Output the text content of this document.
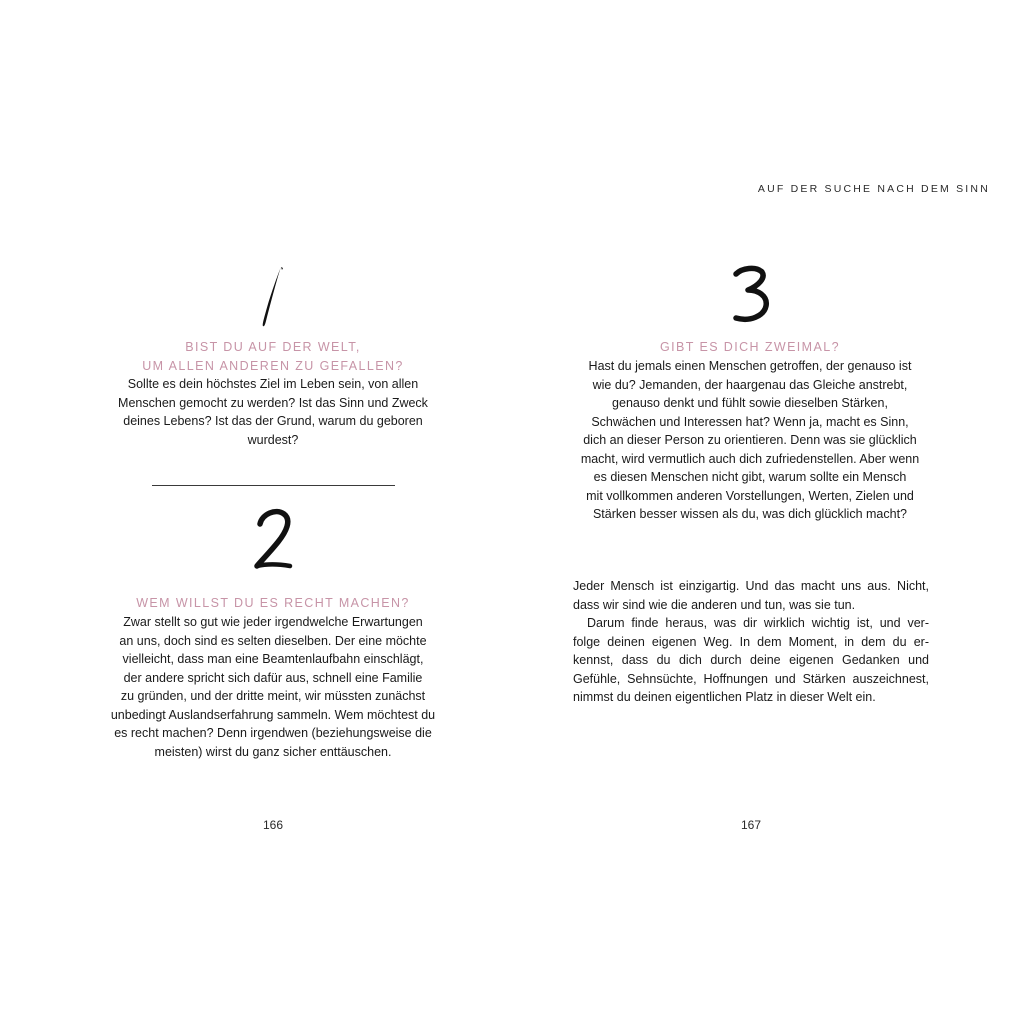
BIST DU AUF DER WELT,
UM ALLEN ANDEREN ZU GEFALLEN?
Sollte es dein höchstes Ziel im Leben sein, von allen
Menschen gemocht zu werden? Ist das Sinn und Zweck
deines Lebens? Ist das der Grund, warum du geboren
wurdest?
WEM WILLST DU ES RECHT MACHEN?
Zwar stellt so gut wie jeder irgendwelche Erwartungen
an uns, doch sind es selten dieselben. Der eine möchte
vielleicht, dass man eine Beamtenlaufbahn einschlägt,
der andere spricht sich dafür aus, schnell eine Familie
zu gründen, und der dritte meint, wir müssten zunächst
unbedingt Auslandserfahrung sammeln. Wem möchtest du
es recht machen? Denn irgendwen (beziehungsweise die
meisten) wirst du ganz sicher enttäuschen.
166
AUF DER SUCHE NACH DEM SINN
GIBT ES DICH ZWEIMAL?
Hast du jemals einen Menschen getroffen, der genauso ist
wie du? Jemanden, der haargenau das Gleiche anstrebt,
genauso denkt und fühlt sowie dieselben Stärken,
Schwächen und Interessen hat? Wenn ja, macht es Sinn,
dich an dieser Person zu orientieren. Denn was sie glücklich
macht, wird vermutlich auch dich zufriedenstellen. Aber wenn
es diesen Menschen nicht gibt, warum sollte ein Mensch
mit vollkommen anderen Vorstellungen, Werten, Zielen und
Stärken besser wissen als du, was dich glücklich macht?
Jeder Mensch ist einzigartig. Und das macht uns aus. Nicht,
dass wir sind wie die anderen und tun, was sie tun.
Darum finde heraus, was dir wirklich wichtig ist, und ver-
folge deinen eigenen Weg. In dem Moment, in dem du er-
kennst, dass du dich durch deine eigenen Gedanken und
Gefühle, Sehnsüchte, Hoffnungen und Stärken auszeichnest,
nimmst du deinen eigentlichen Platz in dieser Welt ein.
167
